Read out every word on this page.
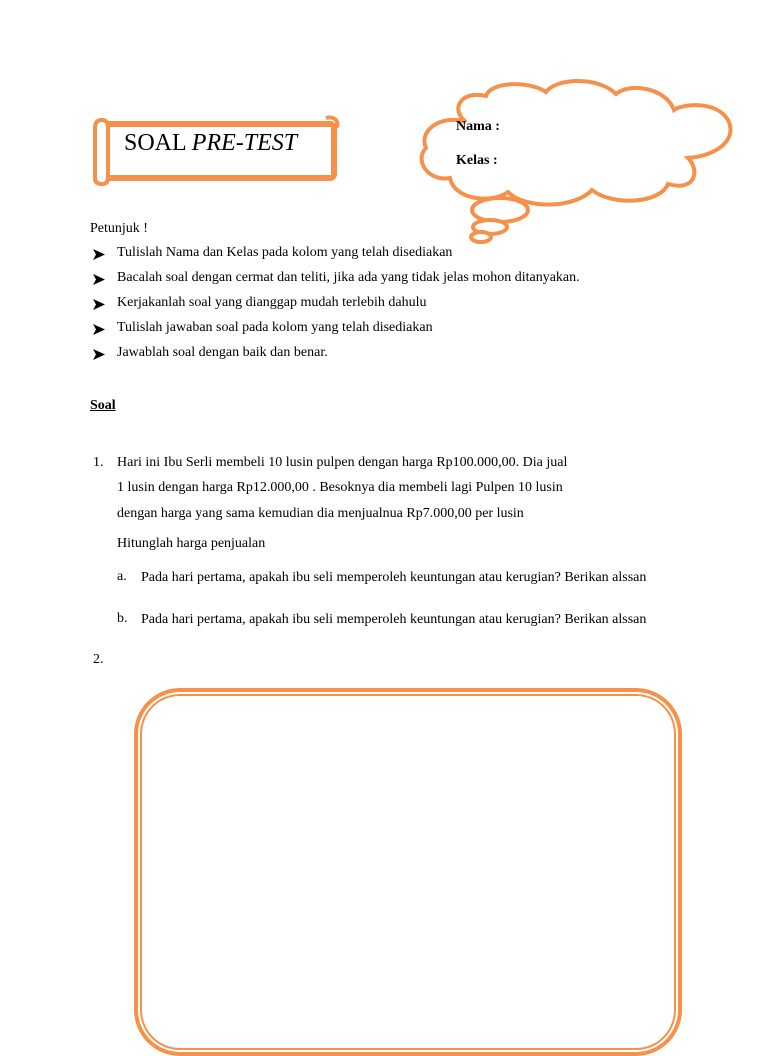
SOAL PRE-TEST
Nama :
Kelas :
Petunjuk !
Tulislah Nama dan Kelas pada kolom yang telah disediakan
Bacalah soal dengan cermat dan teliti, jika ada yang tidak jelas mohon ditanyakan.
Kerjakanlah soal yang dianggap mudah terlebih dahulu
Tulislah jawaban soal pada kolom yang telah disediakan
Jawablah soal dengan baik dan benar.
Soal
1. Hari ini Ibu Serli membeli 10 lusin pulpen dengan harga Rp100.000,00. Dia jual
1 lusin dengan harga Rp12.000,00 . Besoknya dia membeli lagi Pulpen 10 lusin
dengan harga yang sama kemudian dia menjualnua Rp7.000,00 per lusin
Hitunglah harga penjualan
a. Pada hari pertama, apakah ibu seli memperoleh keuntungan atau kerugian? Berikan alssan
b. Pada hari pertama, apakah ibu seli memperoleh keuntungan atau kerugian? Berikan alssan
2.
